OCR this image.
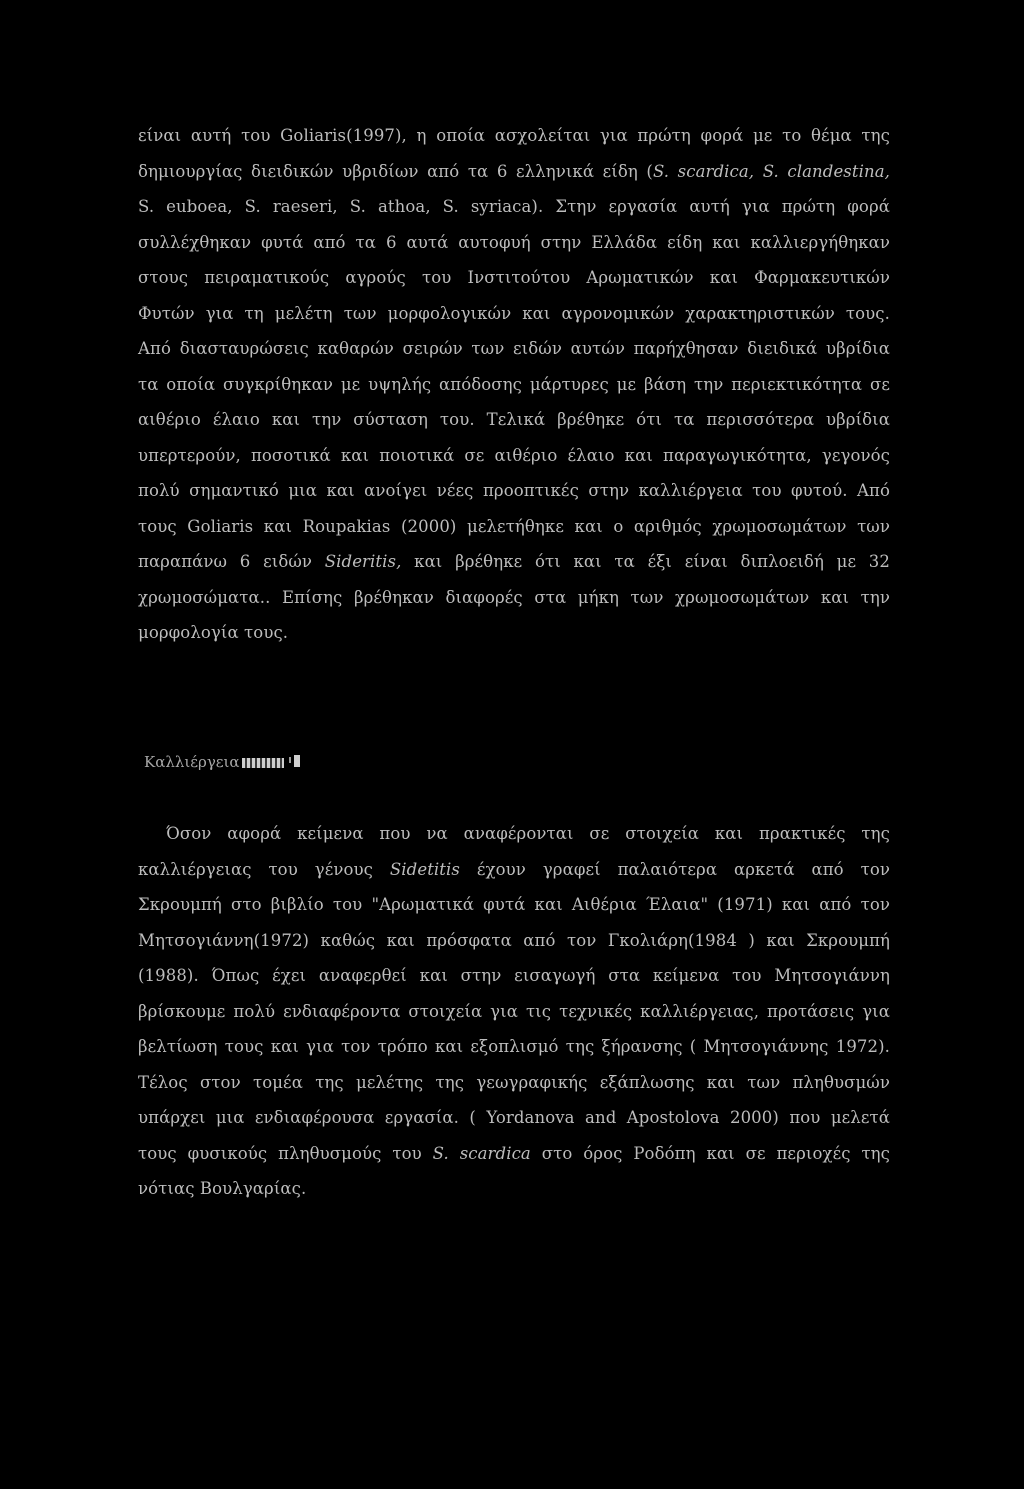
είναι αυτή του Goliaris(1997), η οποία ασχολείται για πρώτη φορά με το θέμα της
δημιουργίας διειδικών υβριδίων από τα 6 ελληνικά είδη (S. scardica, S. clandestina,
S. euboea, S. raeseri, S. athoa, S. syriaca). Στην εργασία αυτή για πρώτη φορά
συλλέχθηκαν φυτά από τα 6 αυτά αυτοφυή στην Ελλάδα είδη και καλλιεργήθηκαν
στους πειραματικούς αγρούς του Ινστιτούτου Αρωματικών και Φαρμακευτικών
Φυτών για τη μελέτη των μορφολογικών και αγρονομικών χαρακτηριστικών τους.
Από διασταυρώσεις καθαρών σειρών των ειδών αυτών παρήχθησαν διειδικά υβρίδια
τα οποία συγκρίθηκαν με υψηλής απόδοσης μάρτυρες με βάση την περιεκτικότητα σε
αιθέριο έλαιο και την σύσταση του. Τελικά βρέθηκε ότι τα περισσότερα υβρίδια
υπερτερούν, ποσοτικά και ποιοτικά σε αιθέριο έλαιο και παραγωγικότητα, γεγονός
πολύ σημαντικό μια και ανοίγει νέες προοπτικές στην καλλιέργεια του φυτού. Από
τους Goliaris και Roupakias (2000) μελετήθηκε και ο αριθμός χρωμοσωμάτων των
παραπάνω 6 ειδών Sideritis, και βρέθηκε ότι και τα έξι είναι διπλοειδή με 32
χρωμοσώματα.. Επίσης βρέθηκαν διαφορές στα μήκη των χρωμοσωμάτων και την
μορφολογία τους.
Καλλιέργεια
Όσον αφορά κείμενα που να αναφέρονται σε στοιχεία και πρακτικές της
καλλιέργειας του γένους Sidetitis έχουν γραφεί παλαιότερα αρκετά από τον
Σκρουμπή στο βιβλίο του "Αρωματικά φυτά και Αιθέρια Έλαια" (1971) και από τον
Μητσογιάννη(1972) καθώς και πρόσφατα από τον Γκολιάρη(1984 ) και Σκρουμπή
(1988). Όπως έχει αναφερθεί και στην εισαγωγή στα κείμενα του Μητσογιάννη
βρίσκουμε πολύ ενδιαφέροντα στοιχεία για τις τεχνικές καλλιέργειας, προτάσεις για
βελτίωση τους και για τον τρόπο και εξοπλισμό της ξήρανσης ( Μητσογιάννης 1972).
Τέλος στον τομέα της μελέτης της γεωγραφικής εξάπλωσης και των πληθυσμών
υπάρχει μια ενδιαφέρουσα εργασία. ( Yordanova and Apostolova 2000) που μελετά
τους φυσικούς πληθυσμούς του S. scardica στο όρος Ροδόπη και σε περιοχές της
νότιας Βουλγαρίας.
